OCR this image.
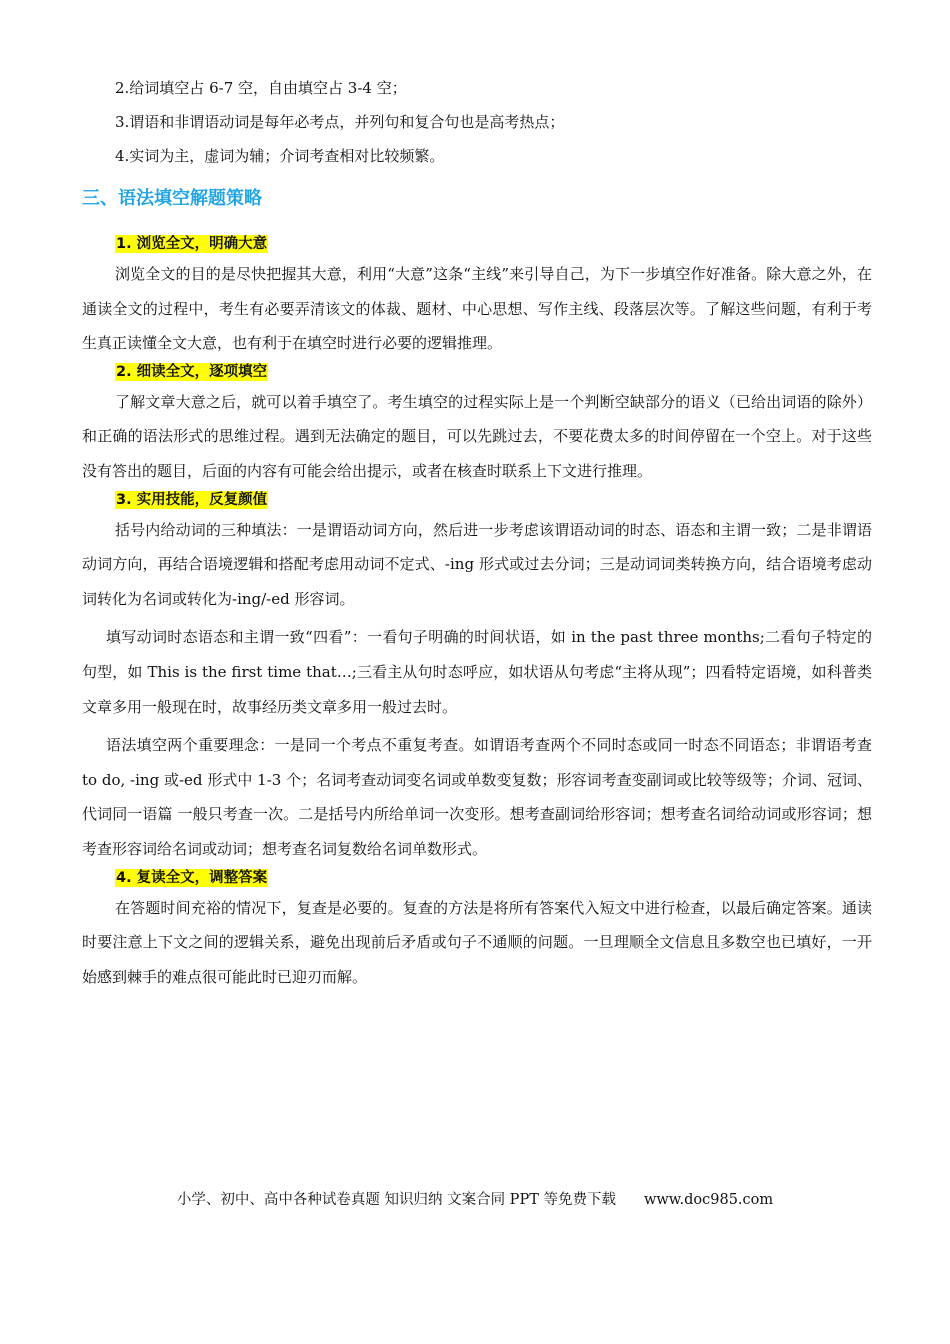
2.给词填空占 6-7 空，自由填空占 3-4 空；

3.谓语和非谓语动词是每年必考点，并列句和复合句也是高考热点；

4.实词为主，虚词为辅；介词考查相对比较频繁。

三、语法填空解题策略
1. 浏览全文，明确大意

浏览全文的目的是尽快把握其大意，利用“大意”这条“主线”来引导自己，为下一步填空作好准备。除大意之外，在通读全文的过程中，考生有必要弄清该文的体裁、题材、中心思想、写作主线、段落层次等。了解这些问题，有利于考生真正读懂全文大意，也有利于在填空时进行必要的逻辑推理。

2. 细读全文，逐项填空

了解文章大意之后，就可以着手填空了。考生填空的过程实际上是一个判断空缺部分的语义（已给出词语的除外）和正确的语法形式的思维过程。遇到无法确定的题目，可以先跳过去，不要花费太多的时间停留在一个空上。对于这些没有答出的题目，后面的内容有可能会给出提示，或者在核查时联系上下文进行推理。

3. 实用技能，反复颜值

括号内给动词的三种填法：一是谓语动词方向，然后进一步考虑该谓语动词的时态、语态和主谓一致；二是非谓语动词方向，再结合语境逻辑和搭配考虑用动词不定式、-ing 形式或过去分词；三是动词词类转换方向，结合语境考虑动词转化为名词或转化为-ing/-ed 形容词。

填写动词时态语态和主谓一致“四看”：一看句子明确的时间状语，如 in the past three months;二看句子特定的句型，如 This is the first time that…;三看主从句时态呼应，如状语从句考虑“主将从现”；四看特定语境，如科普类文章多用一般现在时，故事经历类文章多用一般过去时。

语法填空两个重要理念：一是同一个考点不重复考查。如谓语考查两个不同时态或同一时态不同语态；非谓语考查 to do, -ing 或-ed 形式中 1-3 个；名词考查动词变名词或单数变复数；形容词考查变副词或比较等级等；介词、冠词、代词同一语篇 一般只考查一次。二是括号内所给单词一次变形。想考查副词给形容词；想考查名词给动词或形容词；想考查形容词给名词或动词；想考查名词复数给名词单数形式。

4. 复读全文，调整答案

在答题时间充裕的情况下，复查是必要的。复查的方法是将所有答案代入短文中进行检查，以最后确定答案。通读时要注意上下文之间的逻辑关系，避免出现前后矛盾或句子不通顺的问题。一旦理顺全文信息且多数空也已填好，一开始感到棘手的难点很可能此时已迎刃而解。

小学、初中、高中各种试卷真题 知识归纳 文案合同 PPT 等免费下载 www.doc985.com
